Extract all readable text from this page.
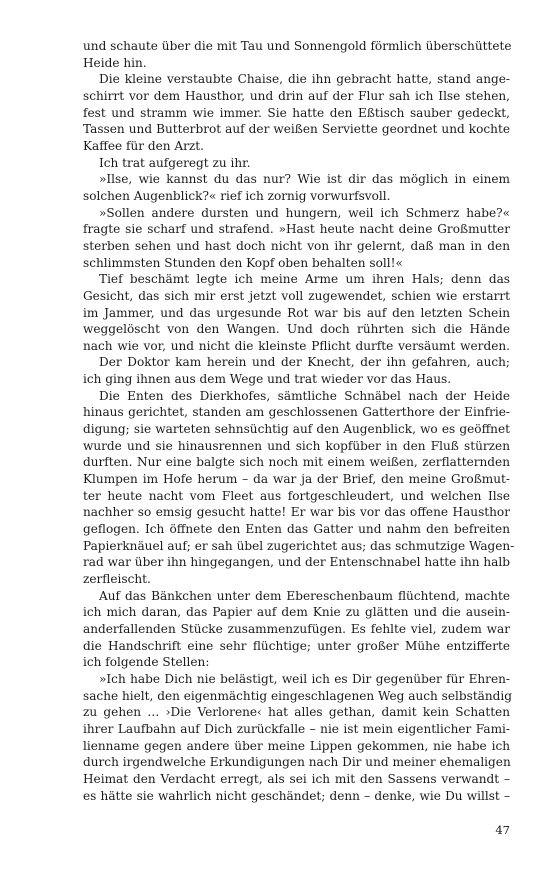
und schaute über die mit Tau und Sonnengold förmlich überschüttete
Heide hin.
Die kleine verstaubte Chaise, die ihn gebracht hatte, stand ange-
schirrt vor dem Hausthor, und drin auf der Flur sah ich Ilse stehen,
fest und stramm wie immer. Sie hatte den Eßtisch sauber gedeckt,
Tassen und Butterbrot auf der weißen Serviette geordnet und kochte
Kaffee für den Arzt.
Ich trat aufgeregt zu ihr.
»Ilse, wie kannst du das nur? Wie ist dir das möglich in einem
solchen Augenblick?« rief ich zornig vorwurfsvoll.
»Sollen andere dursten und hungern, weil ich Schmerz habe?«
fragte sie scharf und strafend. »Hast heute nacht deine Großmutter
sterben sehen und hast doch nicht von ihr gelernt, daß man in den
schlimmsten Stunden den Kopf oben behalten soll!«
Tief beschämt legte ich meine Arme um ihren Hals; denn das
Gesicht, das sich mir erst jetzt voll zugewendet, schien wie erstarrt
im Jammer, und das urgesunde Rot war bis auf den letzten Schein
weggelöscht von den Wangen. Und doch rührten sich die Hände
nach wie vor, und nicht die kleinste Pflicht durfte versäumt werden.
Der Doktor kam herein und der Knecht, der ihn gefahren, auch;
ich ging ihnen aus dem Wege und trat wieder vor das Haus.
Die Enten des Dierkhofes, sämtliche Schnäbel nach der Heide
hinaus gerichtet, standen am geschlossenen Gatterthore der Einfrie-
digung; sie warteten sehnsüchtig auf den Augenblick, wo es geöffnet
wurde und sie hinausrennen und sich kopfüber in den Fluß stürzen
durften. Nur eine balgte sich noch mit einem weißen, zerflatternden
Klumpen im Hofe herum – da war ja der Brief, den meine Großmut-
ter heute nacht vom Fleet aus fortgeschleudert, und welchen Ilse
nachher so emsig gesucht hatte! Er war bis vor das offene Hausthor
geflogen. Ich öffnete den Enten das Gatter und nahm den befreiten
Papierknäuel auf; er sah übel zugerichtet aus; das schmutzige Wagen-
rad war über ihn hingegangen, und der Entenschnabel hatte ihn halb
zerfleischt.
Auf das Bänkchen unter dem Ebereschenbaum flüchtend, machte
ich mich daran, das Papier auf dem Knie zu glätten und die ausein-
anderfallenden Stücke zusammenzufügen. Es fehlte viel, zudem war
die Handschrift eine sehr flüchtige; unter großer Mühe entzifferte
ich folgende Stellen:
»Ich habe Dich nie belästigt, weil ich es Dir gegenüber für Ehren-
sache hielt, den eigenmächtig eingeschlagenen Weg auch selbständig
zu gehen … ›Die Verlorene‹ hat alles gethan, damit kein Schatten
ihrer Laufbahn auf Dich zurückfalle – nie ist mein eigentlicher Fami-
lienname gegen andere über meine Lippen gekommen, nie habe ich
durch irgendwelche Erkundigungen nach Dir und meiner ehemaligen
Heimat den Verdacht erregt, als sei ich mit den Sassens verwandt –
es hätte sie wahrlich nicht geschändet; denn – denke, wie Du willst –
47
